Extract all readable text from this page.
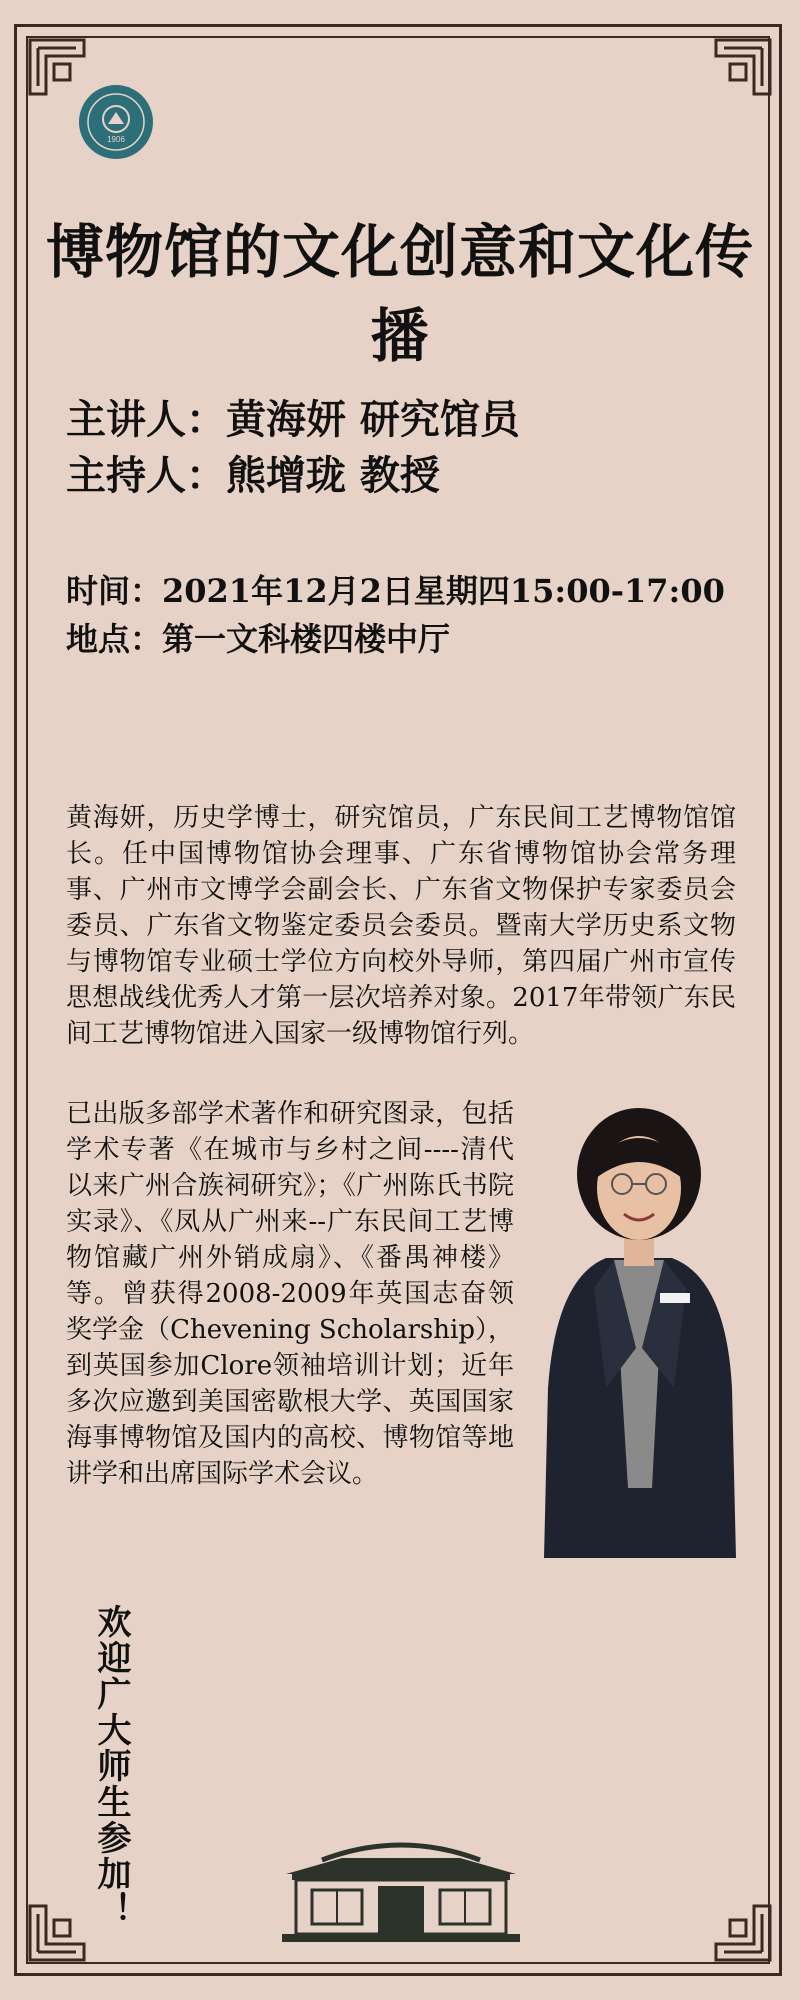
1906
博物馆的文化创意和文化传播
主讲人：黄海妍 研究馆员
主持人：熊增珑 教授
时间：2021年12月2日星期四15:00-17:00
地点：第一文科楼四楼中厅

黄海妍，历史学博士，研究馆员，广东民间工艺博物馆馆长。任中国博物馆协会理事、广东省博物馆协会常务理事、广州市文博学会副会长、广东省文物保护专家委员会委员、广东省文物鉴定委员会委员。暨南大学历史系文物与博物馆专业硕士学位方向校外导师，第四届广州市宣传思想战线优秀人才第一层次培养对象。2017年带领广东民间工艺博物馆进入国家一级博物馆行列。

已出版多部学术著作和研究图录，包括学术专著《在城市与乡村之间----清代以来广州合族祠研究》；《广州陈氏书院实录》、《凤从广州来--广东民间工艺博物馆藏广州外销成扇》、《番禺神楼》等。曾获得2008-2009年英国志奋领奖学金（Chevening Scholarship），到英国参加Clore领袖培训计划；近年多次应邀到美国密歇根大学、英国国家海事博物馆及国内的高校、博物馆等地讲学和出席国际学术会议。

欢迎广大师生参加！
